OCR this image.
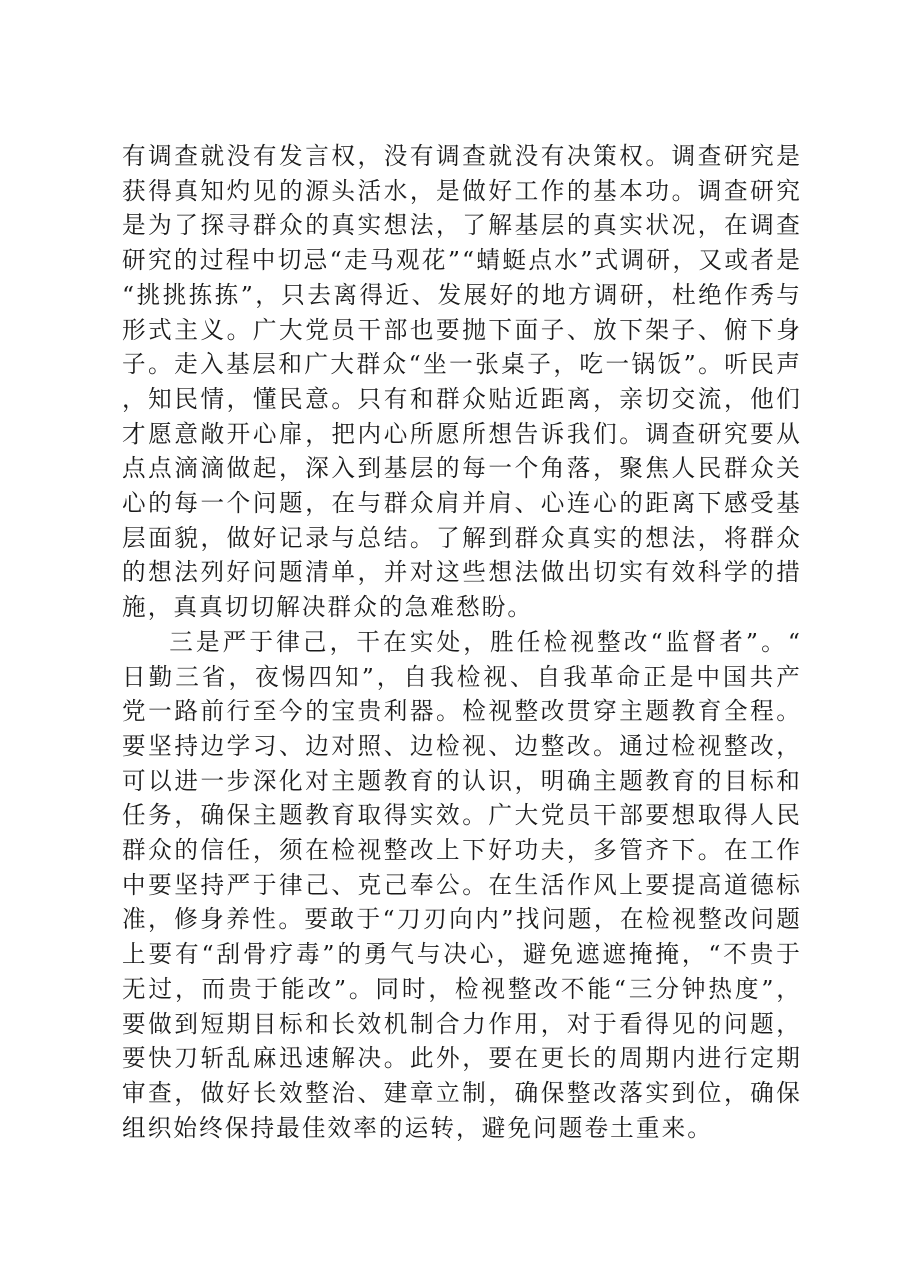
有调查就没有发言权，没有调查就没有决策权。调查研究是获得真知灼见的源头活水，是做好工作的基本功。调查研究是为了探寻群众的真实想法，了解基层的真实状况，在调查研究的过程中切忌“走马观花”“蜻蜓点水”式调研，又或者是“挑挑拣拣”，只去离得近、发展好的地方调研，杜绝作秀与形式主义。广大党员干部也要抛下面子、放下架子、俯下身子。走入基层和广大群众“坐一张桌子，吃一锅饭”。听民声，知民情，懂民意。只有和群众贴近距离，亲切交流，他们才愿意敞开心扉，把内心所愿所想告诉我们。调查研究要从点点滴滴做起，深入到基层的每一个角落，聚焦人民群众关心的每一个问题，在与群众肩并肩、心连心的距离下感受基层面貌，做好记录与总结。了解到群众真实的想法，将群众的想法列好问题清单，并对这些想法做出切实有效科学的措施，真真切切解决群众的急难愁盼。

三是严于律己，干在实处，胜任检视整改“监督者”。“日勤三省，夜惕四知”，自我检视、自我革命正是中国共产党一路前行至今的宝贵利器。检视整改贯穿主题教育全程。要坚持边学习、边对照、边检视、边整改。通过检视整改，可以进一步深化对主题教育的认识，明确主题教育的目标和任务，确保主题教育取得实效。广大党员干部要想取得人民群众的信任，须在检视整改上下好功夫，多管齐下。在工作中要坚持严于律己、克己奉公。在生活作风上要提高道德标准，修身养性。要敢于“刀刃向内”找问题，在检视整改问题上要有“刮骨疗毒”的勇气与决心，避免遮遮掩掩，“不贵于无过，而贵于能改”。同时，检视整改不能“三分钟热度”，要做到短期目标和长效机制合力作用，对于看得见的问题，要快刀斩乱麻迅速解决。此外，要在更长的周期内进行定期审查，做好长效整治、建章立制，确保整改落实到位，确保组织始终保持最佳效率的运转，避免问题卷土重来。
